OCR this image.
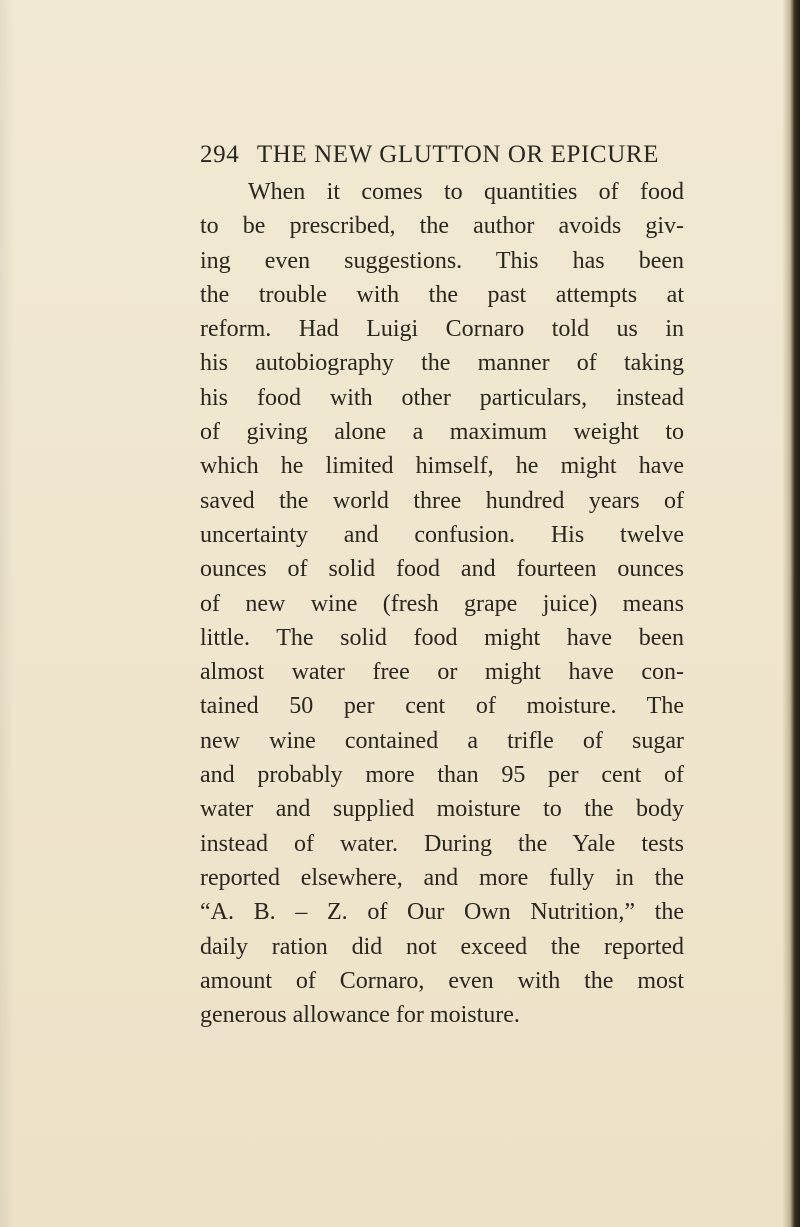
294 THE NEW GLUTTON OR EPICURE
When it comes to quantities of food
to be prescribed, the author avoids giv-
ing even suggestions. This has been
the trouble with the past attempts at
reform. Had Luigi Cornaro told us in
his autobiography the manner of taking
his food with other particulars, instead
of giving alone a maximum weight to
which he limited himself, he might have
saved the world three hundred years of
uncertainty and confusion. His twelve
ounces of solid food and fourteen ounces
of new wine (fresh grape juice) means
little. The solid food might have been
almost water free or might have con-
tained 50 per cent of moisture. The
new wine contained a trifle of sugar
and probably more than 95 per cent of
water and supplied moisture to the body
instead of water. During the Yale tests
reported elsewhere, and more fully in the
“A. B. – Z. of Our Own Nutrition,” the
daily ration did not exceed the reported
amount of Cornaro, even with the most
generous allowance for moisture.
